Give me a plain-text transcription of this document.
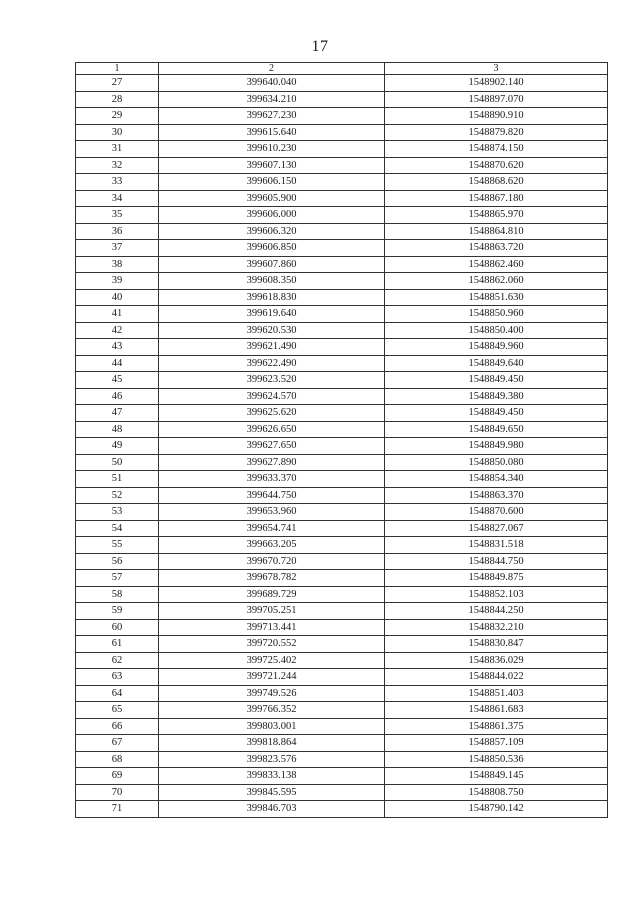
17
1	2	3
27	399640.040	1548902.140
28	399634.210	1548897.070
29	399627.230	1548890.910
30	399615.640	1548879.820
31	399610.230	1548874.150
32	399607.130	1548870.620
33	399606.150	1548868.620
34	399605.900	1548867.180
35	399606.000	1548865.970
36	399606.320	1548864.810
37	399606.850	1548863.720
38	399607.860	1548862.460
39	399608.350	1548862.060
40	399618.830	1548851.630
41	399619.640	1548850.960
42	399620.530	1548850.400
43	399621.490	1548849.960
44	399622.490	1548849.640
45	399623.520	1548849.450
46	399624.570	1548849.380
47	399625.620	1548849.450
48	399626.650	1548849.650
49	399627.650	1548849.980
50	399627.890	1548850.080
51	399633.370	1548854.340
52	399644.750	1548863.370
53	399653.960	1548870.600
54	399654.741	1548827.067
55	399663.205	1548831.518
56	399670.720	1548844.750
57	399678.782	1548849.875
58	399689.729	1548852.103
59	399705.251	1548844.250
60	399713.441	1548832.210
61	399720.552	1548830.847
62	399725.402	1548836.029
63	399721.244	1548844.022
64	399749.526	1548851.403
65	399766.352	1548861.683
66	399803.001	1548861.375
67	399818.864	1548857.109
68	399823.576	1548850.536
69	399833.138	1548849.145
70	399845.595	1548808.750
71	399846.703	1548790.142
